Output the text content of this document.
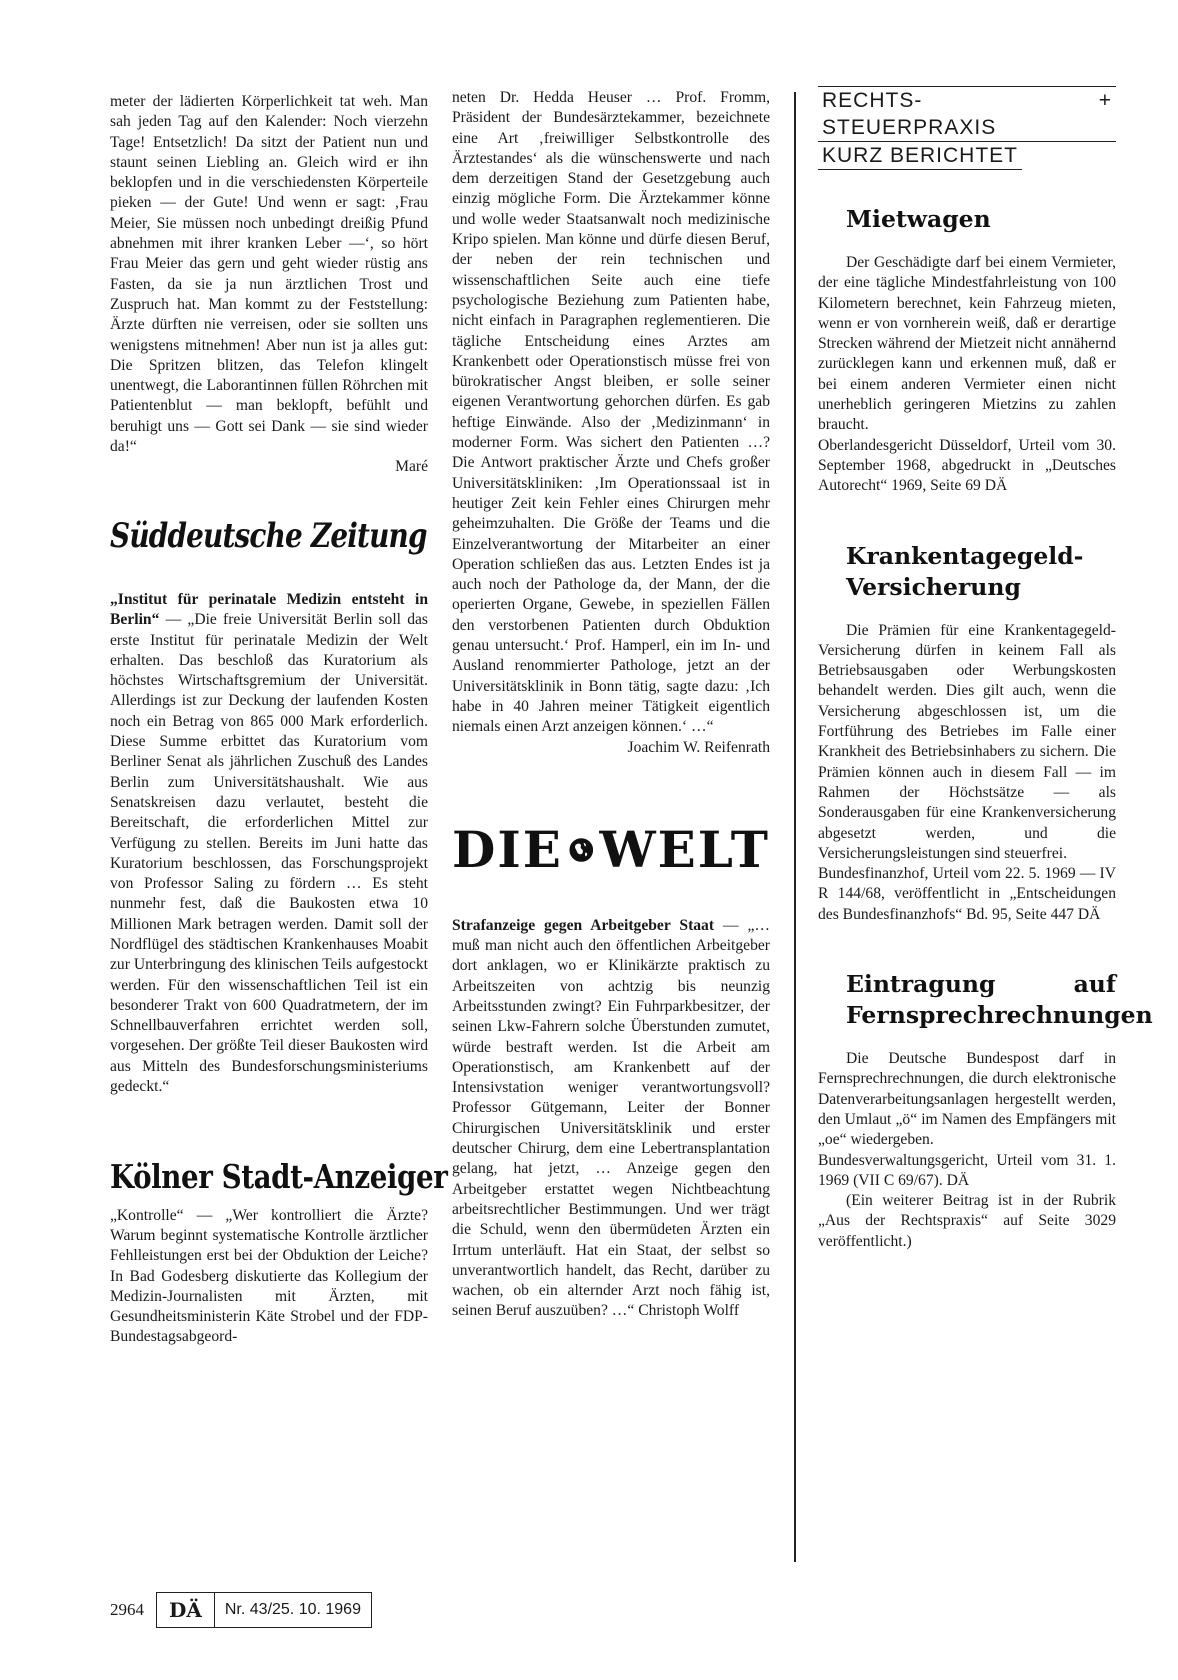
meter der lädierten Körperlichkeit tat weh. Man sah jeden Tag auf den Kalender: Noch vierzehn Tage! Entsetzlich! Da sitzt der Patient nun und staunt seinen Liebling an. Gleich wird er ihn beklopfen und in die verschiedensten Körperteile pieken — der Gute! Und wenn er sagt: ‚Frau Meier, Sie müssen noch unbedingt dreißig Pfund abnehmen mit ihrer kranken Leber —‘, so hört Frau Meier das gern und geht wieder rüstig ans Fasten, da sie ja nun ärztlichen Trost und Zuspruch hat. Man kommt zu der Feststellung: Ärzte dürften nie verreisen, oder sie sollten uns wenigstens mitnehmen! Aber nun ist ja alles gut: Die Spritzen blitzen, das Telefon klingelt unentwegt, die Laborantinnen füllen Röhrchen mit Patientenblut — man beklopft, befühlt und beruhigt uns — Gott sei Dank — sie sind wieder da!“

Maré

Süddeutsche Zeitung

„Institut für perinatale Medizin entsteht in Berlin“ — „Die freie Universität Berlin soll das erste Institut für perinatale Medizin der Welt erhalten. Das beschloß das Kuratorium als höchstes Wirtschaftsgremium der Universität. Allerdings ist zur Deckung der laufenden Kosten noch ein Betrag von 865 000 Mark erforderlich. Diese Summe erbittet das Kuratorium vom Berliner Senat als jährlichen Zuschuß des Landes Berlin zum Universitätshaushalt. Wie aus Senatskreisen dazu verlautet, besteht die Bereitschaft, die erforderlichen Mittel zur Verfügung zu stellen. Bereits im Juni hatte das Kuratorium beschlossen, das Forschungsprojekt von Professor Saling zu fördern … Es steht nunmehr fest, daß die Baukosten etwa 10 Millionen Mark betragen werden. Damit soll der Nordflügel des städtischen Krankenhauses Moabit zur Unterbringung des klinischen Teils aufgestockt werden. Für den wissenschaftlichen Teil ist ein besonderer Trakt von 600 Quadratmetern, der im Schnellbauverfahren errichtet werden soll, vorgesehen. Der größte Teil dieser Baukosten wird aus Mitteln des Bundesforschungsministeriums gedeckt.“

Kölner Stadt-Anzeiger

„Kontrolle“ — „Wer kontrolliert die Ärzte? Warum beginnt systematische Kontrolle ärztlicher Fehlleistungen erst bei der Obduktion der Leiche? In Bad Godesberg diskutierte das Kollegium der Medizin-Journalisten mit Ärzten, mit Gesundheitsministerin Käte Strobel und der FDP-Bundestagsabgeord-

neten Dr. Hedda Heuser … Prof. Fromm, Präsident der Bundesärztekammer, bezeichnete eine Art ‚freiwilliger Selbstkontrolle des Ärztestandes‘ als die wünschenswerte und nach dem derzeitigen Stand der Gesetzgebung auch einzig mögliche Form. Die Ärztekammer könne und wolle weder Staatsanwalt noch medizinische Kripo spielen. Man könne und dürfe diesen Beruf, der neben der rein technischen und wissenschaftlichen Seite auch eine tiefe psychologische Beziehung zum Patienten habe, nicht einfach in Paragraphen reglementieren. Die tägliche Entscheidung eines Arztes am Krankenbett oder Operationstisch müsse frei von bürokratischer Angst bleiben, er solle seiner eigenen Verantwortung gehorchen dürfen. Es gab heftige Einwände. Also der ‚Medizinmann‘ in moderner Form. Was sichert den Patienten …? Die Antwort praktischer Ärzte und Chefs großer Universitätskliniken: ‚Im Operationssaal ist in heutiger Zeit kein Fehler eines Chirurgen mehr geheimzuhalten. Die Größe der Teams und die Einzelverantwortung der Mitarbeiter an einer Operation schließen das aus. Letzten Endes ist ja auch noch der Pathologe da, der Mann, der die operierten Organe, Gewebe, in speziellen Fällen den verstorbenen Patienten durch Obduktion genau untersucht.‘ Prof. Hamperl, ein im In- und Ausland renommierter Pathologe, jetzt an der Universitätsklinik in Bonn tätig, sagte dazu: ‚Ich habe in 40 Jahren meiner Tätigkeit eigentlich niemals einen Arzt anzeigen können.‘ …“

Joachim W. Reifenrath

DIE WELT

Strafanzeige gegen Arbeitgeber Staat — „… muß man nicht auch den öffentlichen Arbeitgeber dort anklagen, wo er Klinikärzte praktisch zu Arbeitszeiten von achtzig bis neunzig Arbeitsstunden zwingt? Ein Fuhrparkbesitzer, der seinen Lkw-Fahrern solche Überstunden zumutet, würde bestraft werden. Ist die Arbeit am Operationstisch, am Krankenbett auf der Intensivstation weniger verantwortungsvoll? Professor Gütgemann, Leiter der Bonner Chirurgischen Universitätsklinik und erster deutscher Chirurg, dem eine Lebertransplantation gelang, hat jetzt, … Anzeige gegen den Arbeitgeber erstattet wegen Nichtbeachtung arbeitsrechtlicher Bestimmungen. Und wer trägt die Schuld, wenn den übermüdeten Ärzten ein Irrtum unterläuft. Hat ein Staat, der selbst so unverantwortlich handelt, das Recht, darüber zu wachen, ob ein alternder Arzt noch fähig ist, seinen Beruf auszuüben? …“ Christoph Wolff

RECHTS- + STEUERPRAXIS
KURZ BERICHTET
Mietwagen

Der Geschädigte darf bei einem Vermieter, der eine tägliche Mindestfahrleistung von 100 Kilometern berechnet, kein Fahrzeug mieten, wenn er von vornherein weiß, daß er derartige Strecken während der Mietzeit nicht annähernd zurücklegen kann und erkennen muß, daß er bei einem anderen Vermieter einen nicht unerheblich geringeren Mietzins zu zahlen braucht.

Oberlandesgericht Düsseldorf, Urteil vom 30. September 1968, abgedruckt in „Deutsches Autorecht“ 1969, Seite 69 DÄ

Krankentagegeld-Versicherung

Die Prämien für eine Krankentagegeld-Versicherung dürfen in keinem Fall als Betriebsausgaben oder Werbungskosten behandelt werden. Dies gilt auch, wenn die Versicherung abgeschlossen ist, um die Fortführung des Betriebes im Falle einer Krankheit des Betriebsinhabers zu sichern. Die Prämien können auch in diesem Fall — im Rahmen der Höchstsätze — als Sonderausgaben für eine Krankenversicherung abgesetzt werden, und die Versicherungsleistungen sind steuerfrei.

Bundesfinanzhof, Urteil vom 22. 5. 1969 — IV R 144/68, veröffentlicht in „Entscheidungen des Bundesfinanzhofs“ Bd. 95, Seite 447 DÄ

Eintragung auf Fernsprechrechnungen

Die Deutsche Bundespost darf in Fernsprechrechnungen, die durch elektronische Datenverarbeitungsanlagen hergestellt werden, den Umlaut „ö“ im Namen des Empfängers mit „oe“ wiedergeben.

Bundesverwaltungsgericht, Urteil vom 31. 1. 1969 (VII C 69/67). DÄ

(Ein weiterer Beitrag ist in der Rubrik „Aus der Rechtspraxis“ auf Seite 3029 veröffentlicht.)

2964	DÄ	Nr. 43/25. 10. 1969
